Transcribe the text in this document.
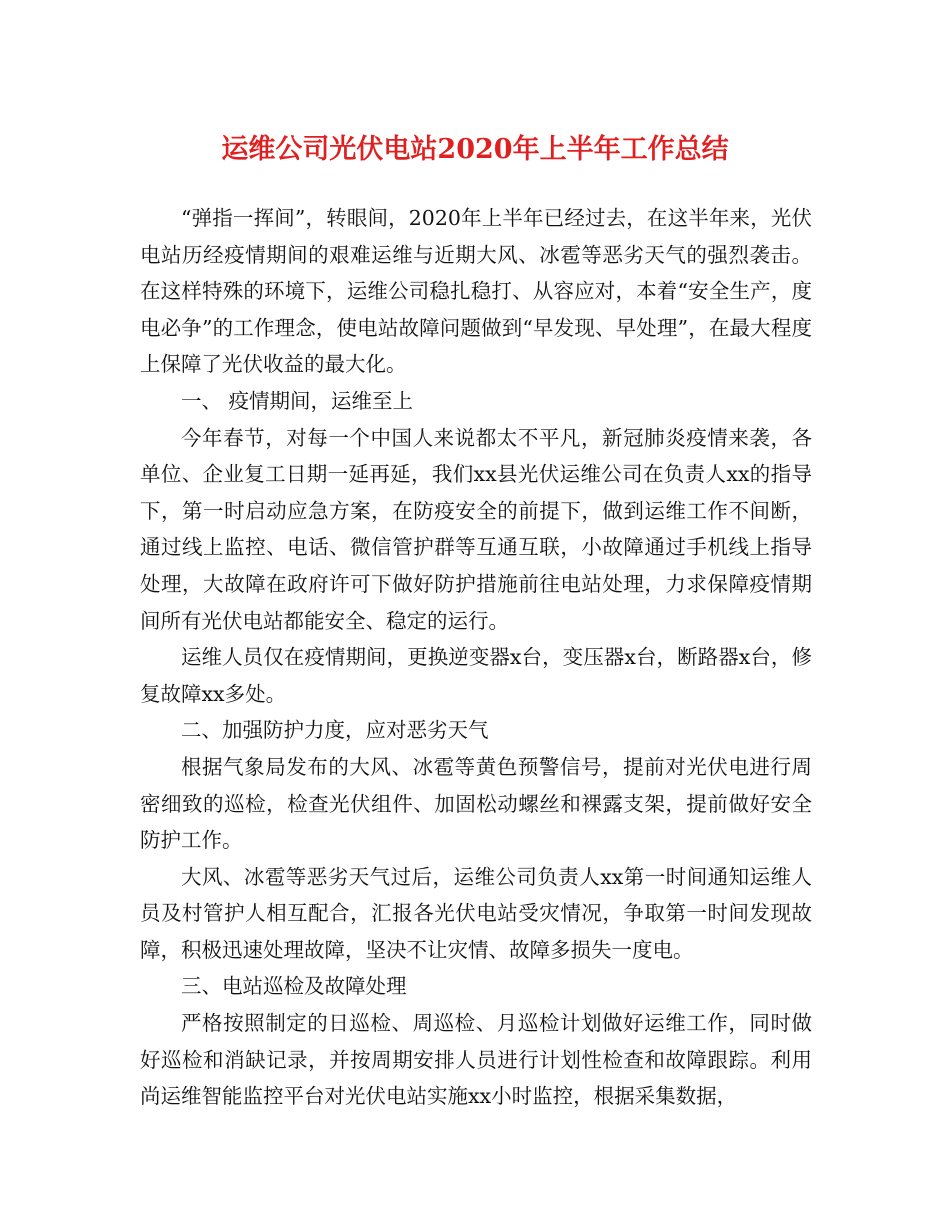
运维公司光伏电站2020年上半年工作总结

“弹指一挥间”，转眼间，2020年上半年已经过去，在这半年来，光伏电站历经疫情期间的艰难运维与近期大风、冰雹等恶劣天气的强烈袭击。在这样特殊的环境下，运维公司稳扎稳打、从容应对，本着“安全生产，度电必争”的工作理念，使电站故障问题做到“早发现、早处理”，在最大程度上保障了光伏收益的最大化。

一、 疫情期间，运维至上

今年春节，对每一个中国人来说都太不平凡，新冠肺炎疫情来袭，各单位、企业复工日期一延再延，我们xx县光伏运维公司在负责人xx的指导下，第一时启动应急方案，在防疫安全的前提下，做到运维工作不间断，通过线上监控、电话、微信管护群等互通互联，小故障通过手机线上指导处理，大故障在政府许可下做好防护措施前往电站处理，力求保障疫情期间所有光伏电站都能安全、稳定的运行。

运维人员仅在疫情期间，更换逆变器x台，变压器x台，断路器x台，修复故障xx多处。

二、加强防护力度，应对恶劣天气

根据气象局发布的大风、冰雹等黄色预警信号，提前对光伏电进行周密细致的巡检，检查光伏组件、加固松动螺丝和裸露支架，提前做好安全防护工作。

大风、冰雹等恶劣天气过后，运维公司负责人xx第一时间通知运维人员及村管护人相互配合，汇报各光伏电站受灾情况，争取第一时间发现故障，积极迅速处理故障，坚决不让灾情、故障多损失一度电。

三、电站巡检及故障处理

严格按照制定的日巡检、周巡检、月巡检计划做好运维工作，同时做好巡检和消缺记录，并按周期安排人员进行计划性检查和故障跟踪。利用尚运维智能监控平台对光伏电站实施xx小时监控，根据采集数据，
